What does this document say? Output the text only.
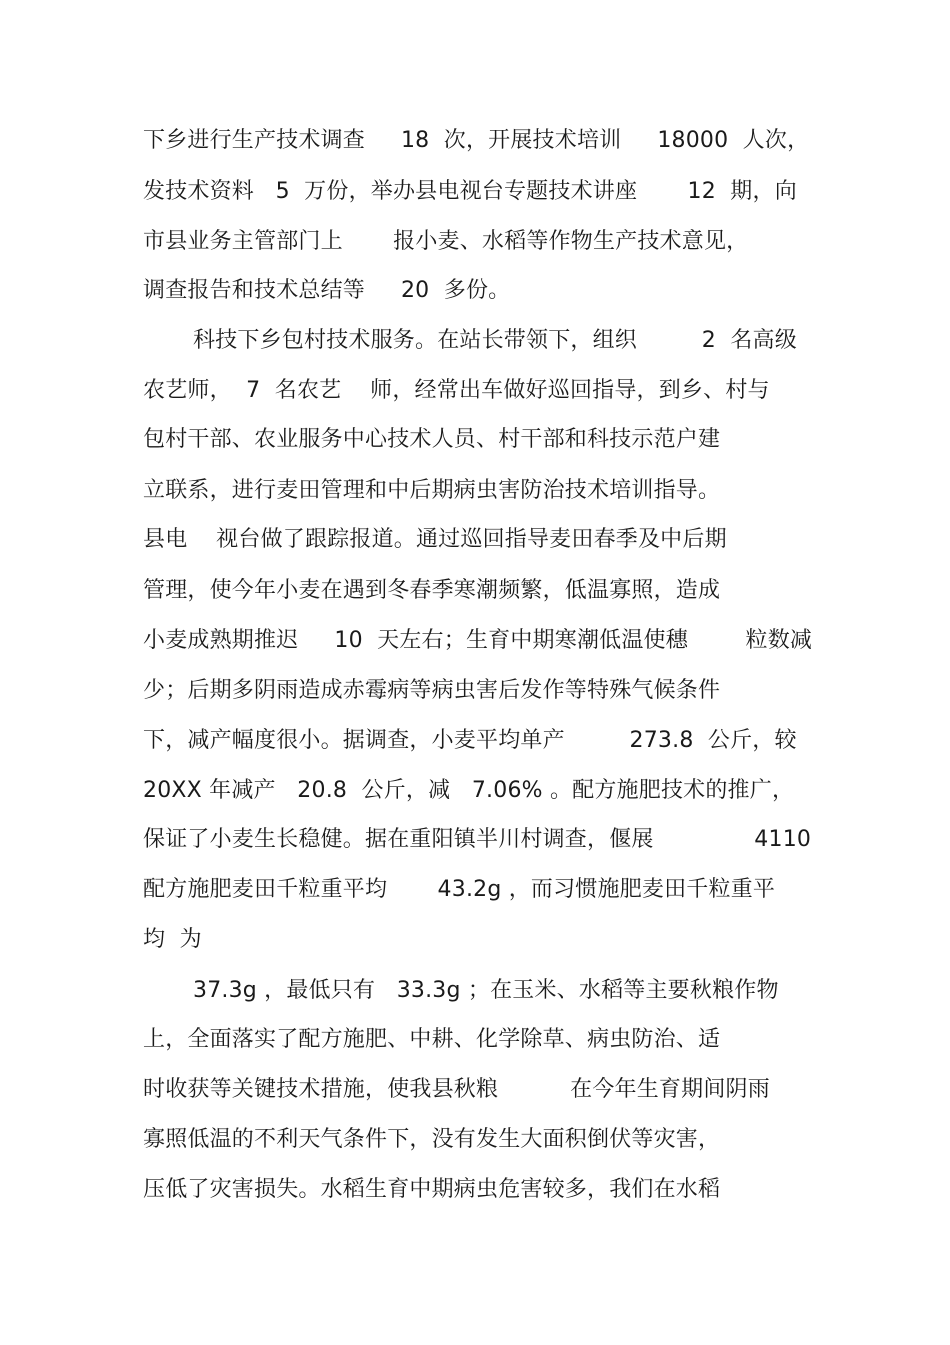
下乡进行生产技术调查     18  次，开展技术培训     18000  人次，
发技术资料   5  万份，举办县电视台专题技术讲座       12  期，向
市县业务主管部门上       报小麦、水稻等作物生产技术意见，
调查报告和技术总结等     20  多份。
科技下乡包村技术服务。在站长带领下，组织         2  名高级
农艺师，  7  名农艺    师，经常出车做好巡回指导，到乡、村与
包村干部、农业服务中心技术人员、村干部和科技示范户建
立联系，进行麦田管理和中后期病虫害防治技术培训指导。
县电    视台做了跟踪报道。通过巡回指导麦田春季及中后期
管理，使今年小麦在遇到冬春季寒潮频繁，低温寡照，造成
小麦成熟期推迟     10  天左右；生育中期寒潮低温使穗        粒数减
少；后期多阴雨造成赤霉病等病虫害后发作等特殊气候条件
下，减产幅度很小。据调查，小麦平均单产         273.8  公斤，较
20XX 年减产   20.8  公斤，减   7.06% 。配方施肥技术的推广，
保证了小麦生长稳健。据在重阳镇半川村调查，偃展              4110
配方施肥麦田千粒重平均       43.2g ，而习惯施肥麦田千粒重平
均  为
37.3g ，最低只有   33.3g ；在玉米、水稻等主要秋粮作物
上，全面落实了配方施肥、中耕、化学除草、病虫防治、适
时收获等关键技术措施，使我县秋粮          在今年生育期间阴雨
寡照低温的不利天气条件下，没有发生大面积倒伏等灾害，
压低了灾害损失。水稻生育中期病虫危害较多，我们在水稻
